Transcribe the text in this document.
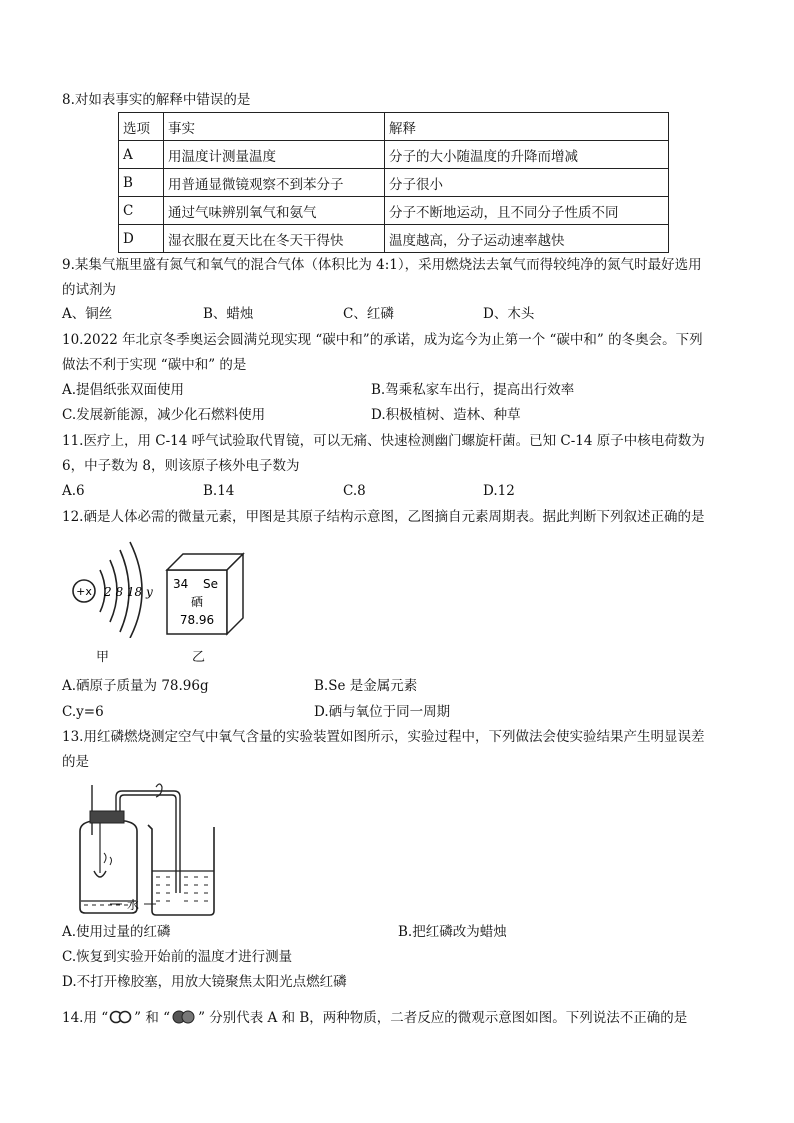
8.对如表事实的解释中错误的是
选项	事实	解释
A	用温度计测量温度	分子的大小随温度的升降而增减
B	用普通显微镜观察不到苯分子	分子很小
C	通过气味辨别氧气和氨气	分子不断地运动，且不同分子性质不同
D	湿衣服在夏天比在冬天干得快	温度越高，分子运动速率越快
9.某集气瓶里盛有氮气和氧气的混合气体（体积比为 4:1），采用燃烧法去氧气而得较纯净的氮气时最好选用
的试剂为
A、铜丝	B、蜡烛	C、红磷	D、木头
10.2022 年北京冬季奥运会圆满兑现实现 “碳中和”的承诺，成为迄今为止第一个 “碳中和” 的冬奥会。下列
做法不利于实现 “碳中和” 的是
A.提倡纸张双面使用	B.驾乘私家车出行，提高出行效率
C.发展新能源，减少化石燃料使用	D.积极植树、造林、种草
11.医疗上，用 C-14 呼气试验取代胃镜，可以无痛、快速检测幽门螺旋杆菌。已知 C-14 原子中核电荷数为
6，中子数为 8，则该原子核外电子数为
A.6	B.14	C.8	D.12
12.硒是人体必需的微量元素，甲图是其原子结构示意图，乙图摘自元素周期表。据此判断下列叙述正确的是
+x 2 8 18 y
34 Se
硒
78.96
甲	乙
A.硒原子质量为 78.96g	B.Se 是金属元素
C.y=6	D.硒与氧位于同一周期
13.用红磷燃烧测定空气中氧气含量的实验装置如图所示，实验过程中，下列做法会使实验结果产生明显误差
的是
水
A.使用过量的红磷	B.把红磷改为蜡烛
C.恢复到实验开始前的温度才进行测量
D.不打开橡胶塞，用放大镜聚焦太阳光点燃红磷
14.用 “ ” 和 “ ” 分别代表 A 和 B，两种物质，二者反应的微观示意图如图。下列说法不正确的是
